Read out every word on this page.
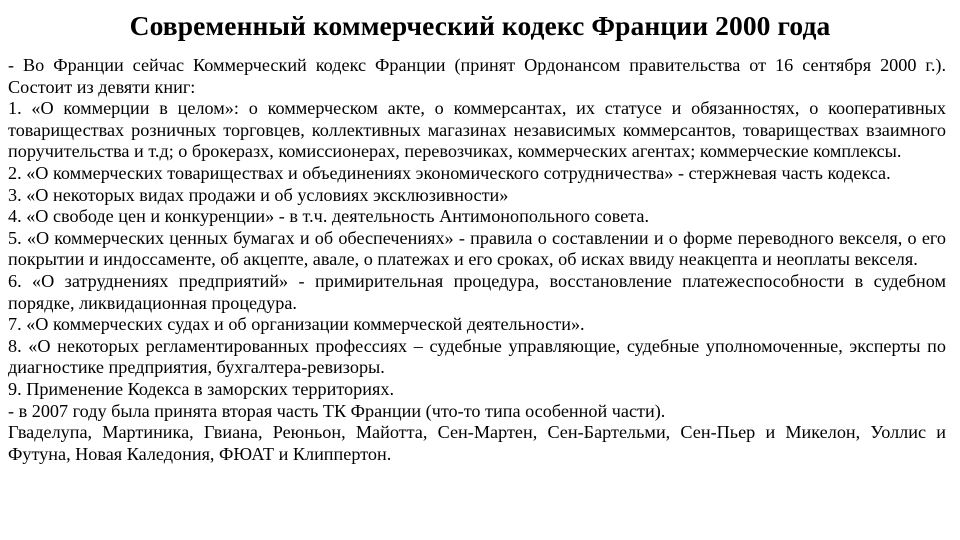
Современный коммерческий кодекс Франции 2000 года

- Во Франции сейчас Коммерческий кодекс Франции (принят Ордонансом правительства от 16 сентября 2000 г.). Состоит из девяти книг:

1. «О коммерции в целом»: о коммерческом акте, о коммерсантах, их статусе и обязанностях, о кооперативных товариществах розничных торговцев, коллективных магазинах независимых коммерсантов, товариществах взаимного поручительства и т.д; о брокеразх, комиссионерах, перевозчиках, коммерческих агентах; коммерческие комплексы.

2. «О коммерческих товариществах и объединениях экономического сотрудничества» - стержневая часть кодекса.

3. «О некоторых видах продажи и об условиях эксклюзивности»

4. «О свободе цен и конкуренции» - в т.ч. деятельность Антимонопольного совета.

5. «О коммерческих ценных бумагах и об обеспечениях» - правила о составлении и о форме переводного векселя, о его покрытии и индоссаменте, об акцепте, авале, о платежах и его сроках, об исках ввиду неакцепта и неоплаты векселя.

6. «О затруднениях предприятий» - примирительная процедура, восстановление платежеспособности в судебном порядке, ликвидационная процедура.

7. «О коммерческих судах и об организации коммерческой деятельности».

8. «О некоторых регламентированных профессиях – судебные управляющие, судебные уполномоченные, эксперты по диагностике предприятия, бухгалтера-ревизоры.

9. Применение Кодекса в заморских территориях.

- в 2007 году была принята вторая часть ТК Франции (что-то типа особенной части).

Гваделупа, Мартиника, Гвиана, Реюньон, Майотта, Сен-Мартен, Сен-Бартельми, Сен-Пьер и Микелон, Уоллис и Футуна, Новая Каледония, ФЮАТ и Клиппертон.
